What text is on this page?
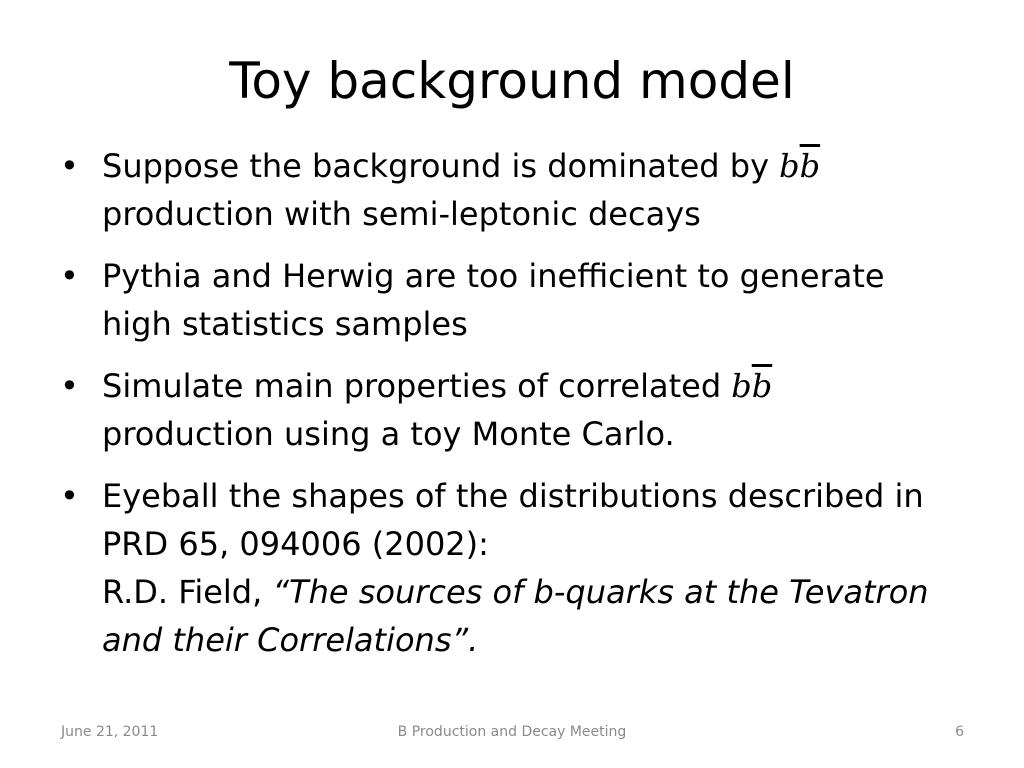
Toy background model
• Suppose the background is dominated by $b\overline{b}$
production with semi-leptonic decays
• Pythia and Herwig are too inefficient to generate high statistics samples
• Simulate main properties of correlated $b\overline{b}$
production using a toy Monte Carlo.
• Eyeball the shapes of the distributions described in PRD 65, 094006 (2002):
R.D. Field, “The sources of b-quarks at the Tevatron and their Correlations”.
June 21, 2011	B Production and Decay Meeting	6
